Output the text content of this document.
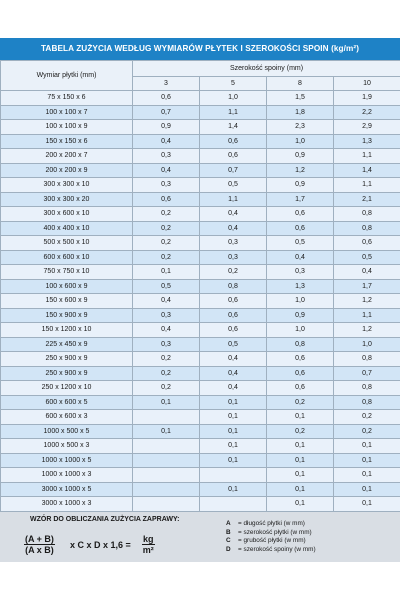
TABELA ZUŻYCIA WEDŁUG WYMIARÓW PŁYTEK I SZEROKOŚCI SPOIN (kg/m²)
Wymiar płytki (mm)	Szerokość spoiny (mm)			
	3	5	8	10
75 x 150 x 6	0,6	1,0	1,5	1,9
100 x 100 x 7	0,7	1,1	1,8	2,2
100 x 100 x 9	0,9	1,4	2,3	2,9
150 x 150 x 6	0,4	0,6	1,0	1,3
200 x 200 x 7	0,3	0,6	0,9	1,1
200 x 200 x 9	0,4	0,7	1,2	1,4
300 x 300 x 10	0,3	0,5	0,9	1,1
300 x 300 x 20	0,6	1,1	1,7	2,1
300 x 600 x 10	0,2	0,4	0,6	0,8
400 x 400 x 10	0,2	0,4	0,6	0,8
500 x 500 x 10	0,2	0,3	0,5	0,6
600 x 600 x 10	0,2	0,3	0,4	0,5
750 x 750 x 10	0,1	0,2	0,3	0,4
100 x 600 x 9	0,5	0,8	1,3	1,7
150 x 600 x 9	0,4	0,6	1,0	1,2
150 x 900 x 9	0,3	0,6	0,9	1,1
150 x 1200 x 10	0,4	0,6	1,0	1,2
225 x 450 x 9	0,3	0,5	0,8	1,0
250 x 900 x 9	0,2	0,4	0,6	0,8
250 x 900 x 9	0,2	0,4	0,6	0,7
250 x 1200 x 10	0,2	0,4	0,6	0,8
600 x 600 x 5	0,1	0,1	0,2	0,8
600 x 600 x 3		0,1	0,1	0,2
1000 x 500 x 5	0,1	0,1	0,2	0,2
1000 x 500 x 3		0,1	0,1	0,1
1000 x 1000 x 5		0,1	0,1	0,1
1000 x 1000 x 3			0,1	0,1
3000 x 1000 x 5		0,1	0,1	0,1
3000 x 1000 x 3			0,1	0,1
WZÓR DO OBLICZANIA ZUŻYCIA ZAPRAWY:
$\frac{(A + B)}{\text{(A x B)}}$ x C x D x 1,6 =
kg
m²
A = długość płytki (w mm)
B = szerokość płytki (w mm)
C = grubość płytki (w mm)
D = szerokość spoiny (w mm)
